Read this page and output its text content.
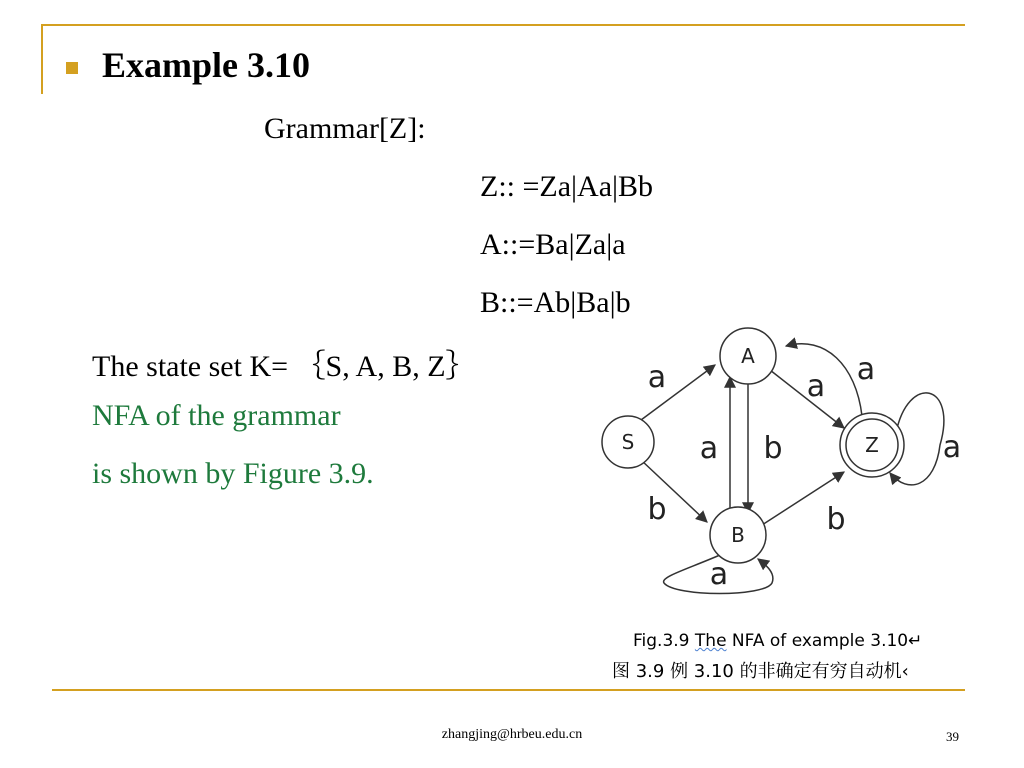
Example 3.10
Grammar[Z]:
Z:: =Za|Aa|Bb
A::=Ba|Za|a
B::=Ab|Ba|b
The state set K= ｛S, A, B, Z｝
NFA of the grammar
is shown by Figure 3.9.
S
A
B
Z
a	a a
a
a b
b	b
a
Fig.3.9 The NFA of example 3.10↵
图 3.9 例 3.10 的非确定有穷自动机‹
zhangjing@hrbeu.edu.cn	39
